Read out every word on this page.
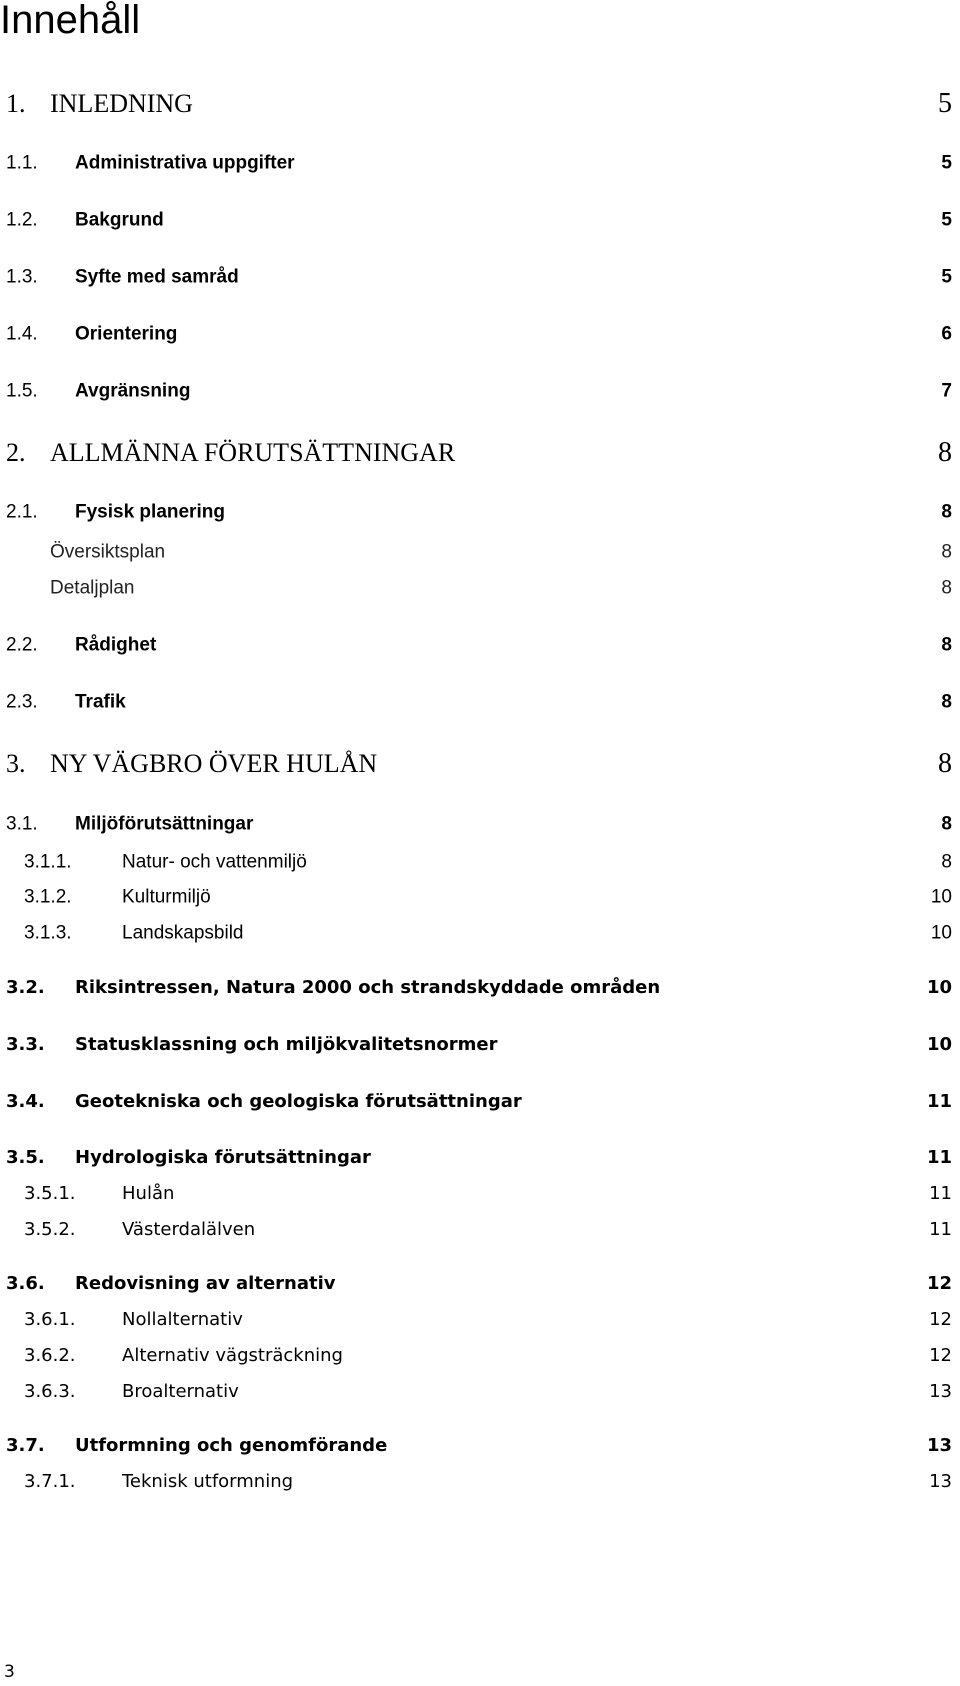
Innehåll
1. INLEDNING	5
1.1. Administrativa uppgifter	5
1.2. Bakgrund	5
1.3. Syfte med samråd	5
1.4. Orientering	6
1.5. Avgränsning	7
2. ALLMÄNNA FÖRUTSÄTTNINGAR	8
2.1. Fysisk planering	8
Översiktsplan	8
Detaljplan	8
2.2. Rådighet	8
2.3. Trafik	8
3. NY VÄGBRO ÖVER HULÅN	8
3.1. Miljöförutsättningar	8
3.1.1.	Natur- och vattenmiljö	8
3.1.2.	Kulturmiljö	10
3.1.3.	Landskapsbild	10
3.2. Riksintressen, Natura 2000 och strandskyddade områden	10
3.3. Statusklassning och miljökvalitetsnormer	10
3.4. Geotekniska och geologiska förutsättningar	11
3.5. Hydrologiska förutsättningar	11
3.5.1.	Hulån	11
3.5.2.	Västerdalälven	11
3.6. Redovisning av alternativ	12
3.6.1.	Nollalternativ	12
3.6.2.	Alternativ vägsträckning	12
3.6.3.	Broalternativ	13
3.7. Utformning och genomförande	13
3.7.1.	Teknisk utformning	13
3
